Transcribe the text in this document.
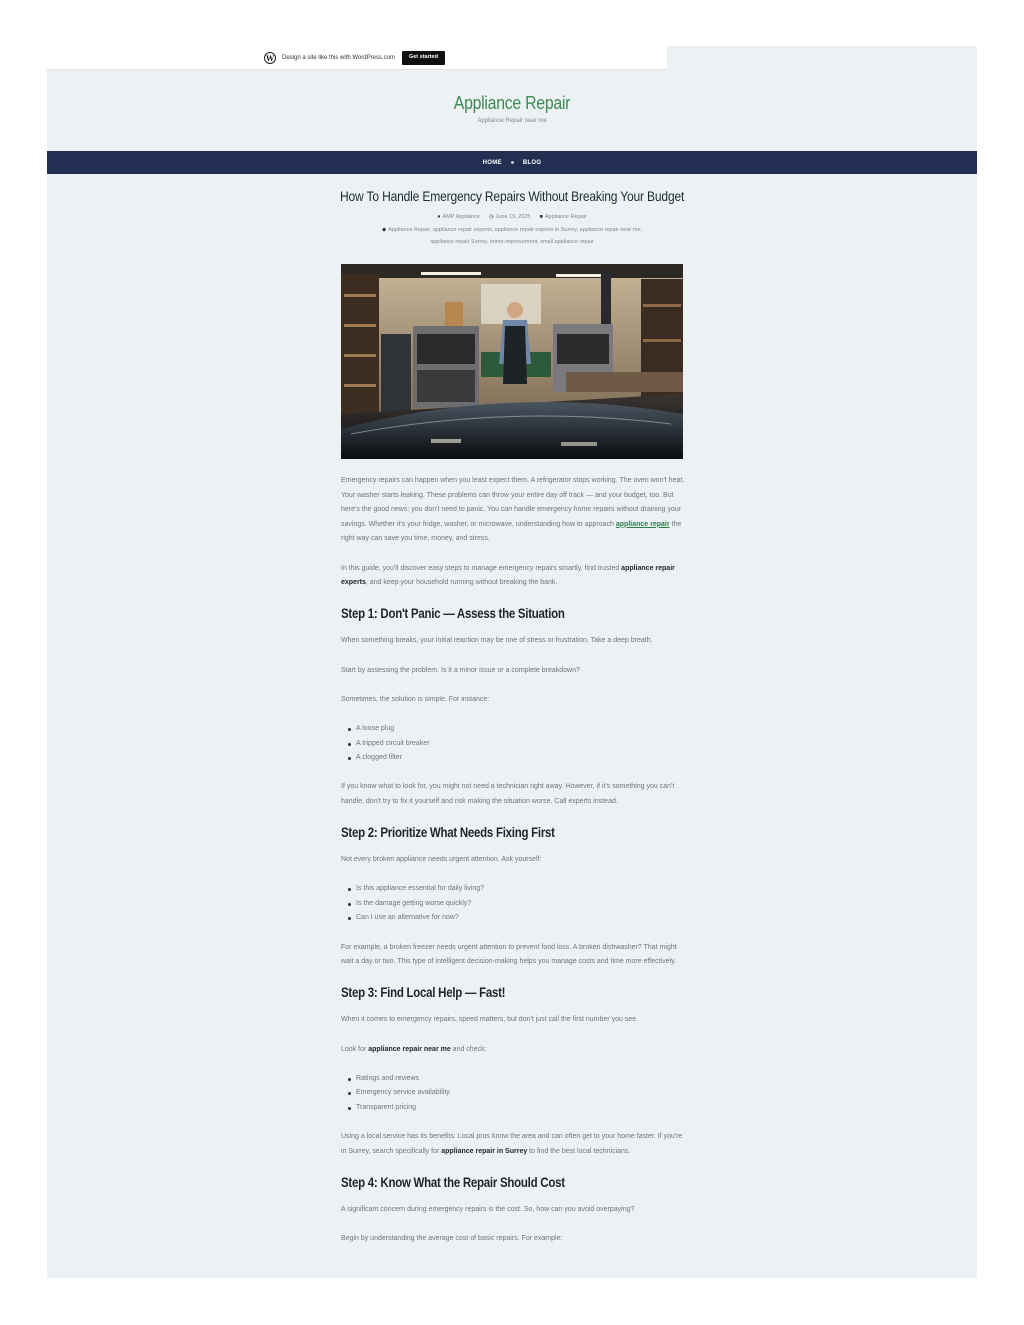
W	Design a site like this with WordPress.com	Get started
Appliance Repair
Appliance Repair near me
HOME	BLOG
How To Handle Emergency Repairs Without Breaking Your Budget
● AMP Appliance ◷ June 19, 2025 ■ Appliance Repair
◆ Appliance Repair, appliance repair experts, appliance repair experts in Surrey, appliance repair near me,
appliance repair Surrey, home-improvement, small appliance repair

Emergency repairs can happen when you least expect them. A refrigerator stops working. The oven won't heat. Your washer starts leaking. These problems can throw your entire day off track — and your budget, too. But here's the good news: you don't need to panic. You can handle emergency home repairs without draining your savings. Whether it's your fridge, washer, or microwave, understanding how to approach appliance repair the right way can save you time, money, and stress.

In this guide, you'll discover easy steps to manage emergency repairs smartly, find trusted appliance repair experts, and keep your household running without breaking the bank.

Step 1: Don't Panic — Assess the Situation

When something breaks, your initial reaction may be one of stress or frustration. Take a deep breath.

Start by assessing the problem. Is it a minor issue or a complete breakdown?

Sometimes, the solution is simple. For instance:

A loose plug
A tripped circuit breaker
A clogged filter

If you know what to look for, you might not need a technician right away. However, if it's something you can't handle, don't try to fix it yourself and risk making the situation worse. Call experts instead.

Step 2: Prioritize What Needs Fixing First

Not every broken appliance needs urgent attention. Ask yourself:

Is this appliance essential for daily living?
Is the damage getting worse quickly?
Can I use an alternative for now?

For example, a broken freezer needs urgent attention to prevent food loss. A broken dishwasher? That might wait a day or two. This type of intelligent decision-making helps you manage costs and time more effectively.

Step 3: Find Local Help — Fast!

When it comes to emergency repairs, speed matters, but don't just call the first number you see.

Look for appliance repair near me and check:

Ratings and reviews
Emergency service availability
Transparent pricing

Using a local service has its benefits. Local pros know the area and can often get to your home faster. If you're in Surrey, search specifically for appliance repair in Surrey to find the best local technicians.

Step 4: Know What the Repair Should Cost

A significant concern during emergency repairs is the cost. So, how can you avoid overpaying?

Begin by understanding the average cost of basic repairs. For example:
